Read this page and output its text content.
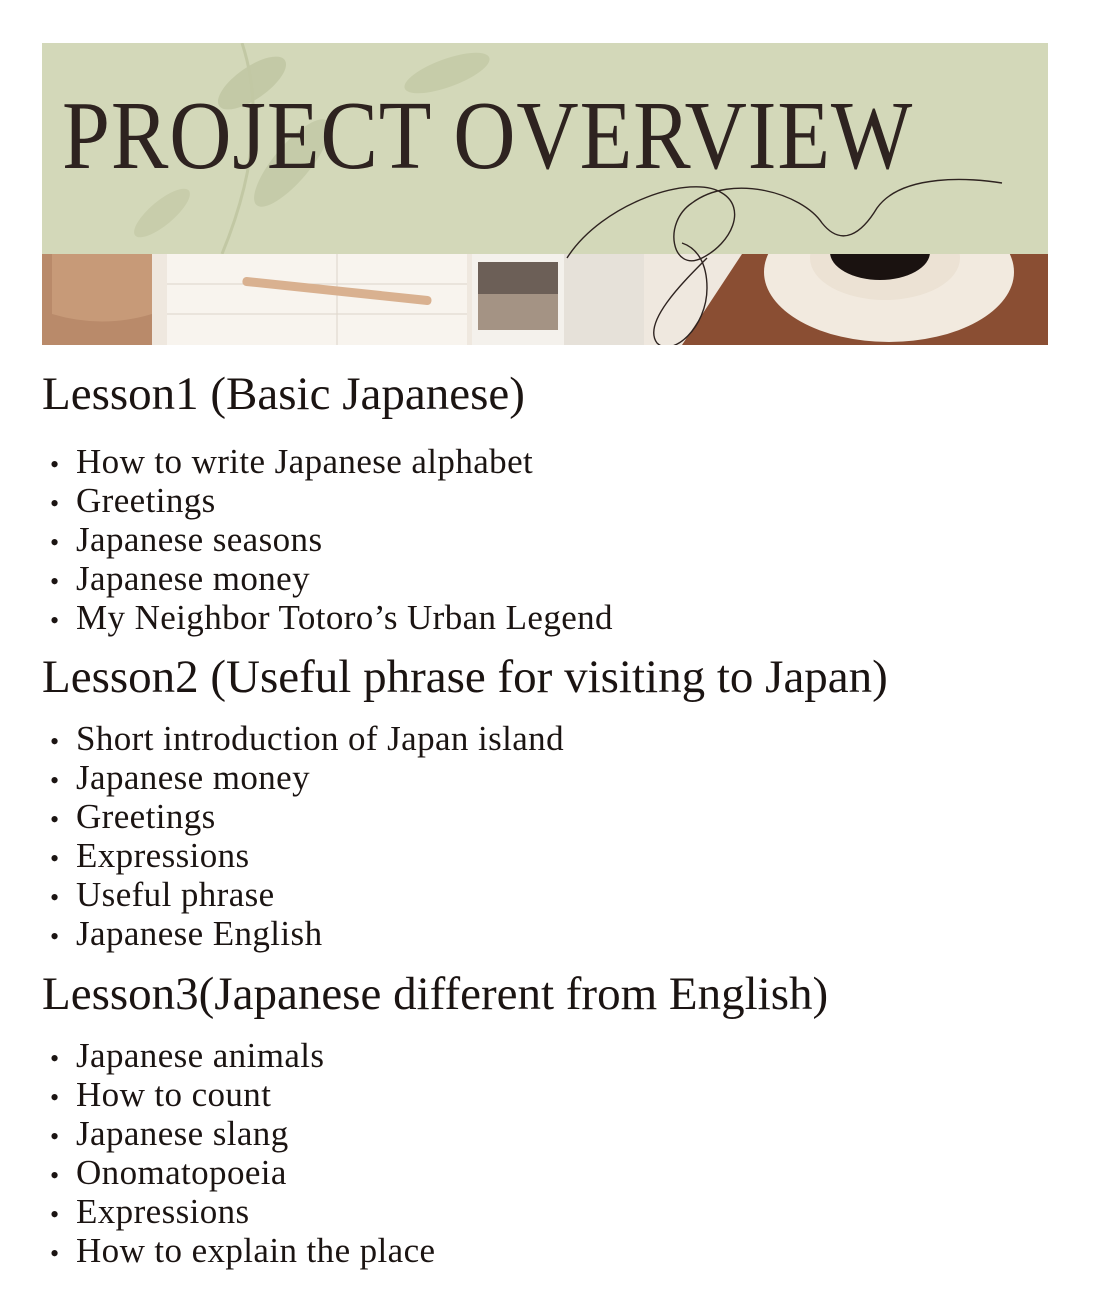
PROJECT OVERVIEW
Lesson1 (Basic Japanese)
• How to write Japanese alphabet
• Greetings
• Japanese seasons
• Japanese money
• My Neighbor Totoro’s Urban Legend
Lesson2 (Useful phrase for visiting to Japan)
• Short introduction of Japan island
• Japanese money
• Greetings
• Expressions
• Useful phrase
• Japanese English
Lesson3(Japanese different from English)
• Japanese animals
• How to count
• Japanese slang
• Onomatopoeia
• Expressions
• How to explain the place
